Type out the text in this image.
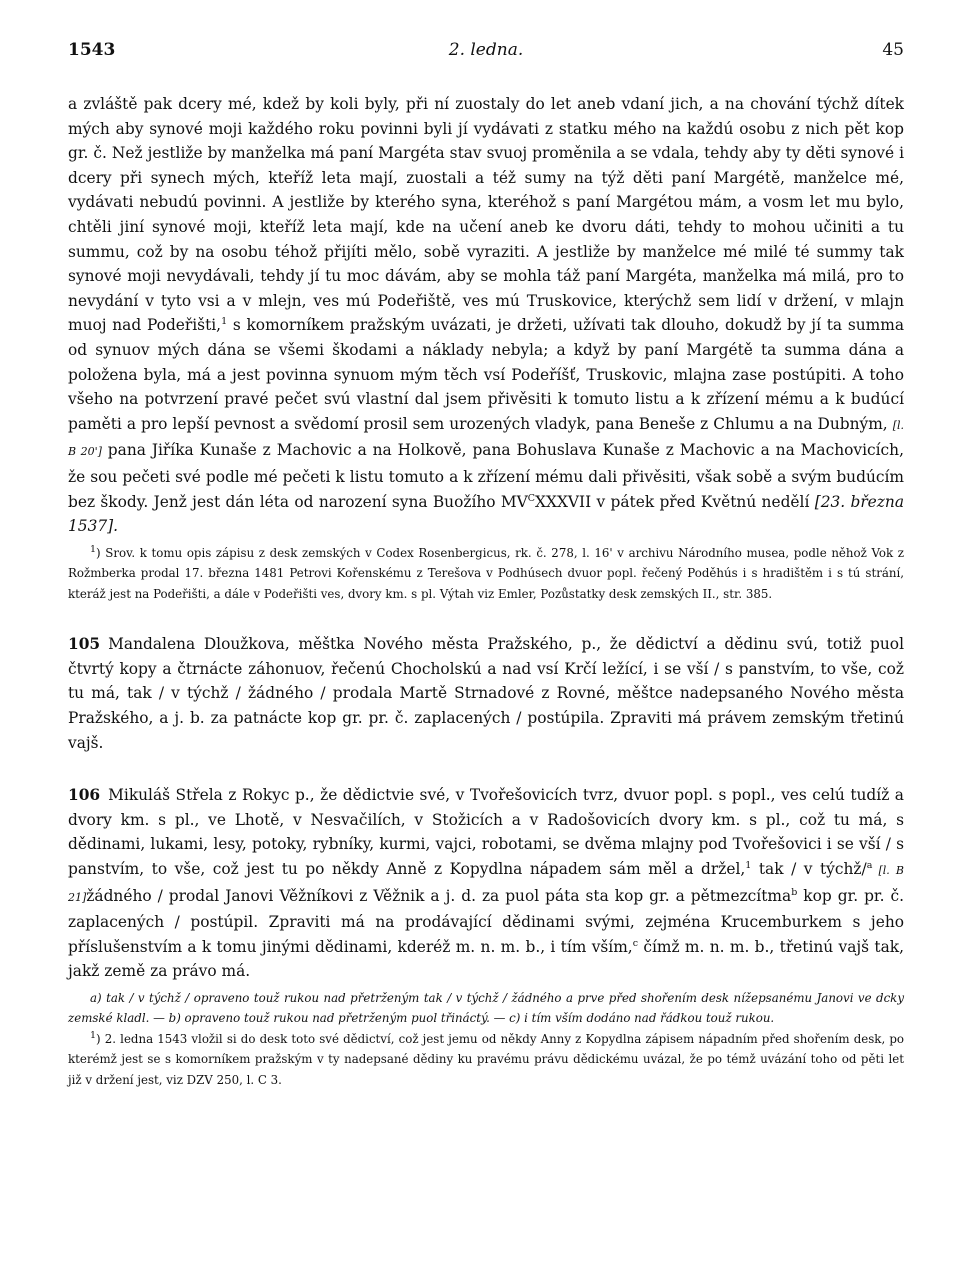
1543	2. ledna.	45

a zvláště pak dcery mé, kdež by koli byly, při ní zuostaly do let aneb vdaní jich, a na chování týchž dítek mých aby synové moji každého roku povinni byli jí vydávati z statku mého na každú osobu z nich pět kop gr. č. Než jestliže by manželka má paní Margéta stav svuoj proměnila a se vdala, tehdy aby ty děti synové i dcery při synech mých, kteříž leta mají, zuostali a též sumy na týž děti paní Margétě, manželce mé, vydávati nebudú povinni. A jestliže by kterého syna, kteréhož s paní Margétou mám, a vosm let mu bylo, chtěli jiní synové moji, kteříž leta mají, kde na učení aneb ke dvoru dáti, tehdy to mohou učiniti a tu summu, což by na osobu téhož přijíti mělo, sobě vyraziti. A jestliže by manželce mé milé té summy tak synové moji nevydávali, tehdy jí tu moc dávám, aby se mohla táž paní Margéta, manželka má milá, pro to nevydání v tyto vsi a v mlejn, ves mú Podeřiště, ves mú Truskovice, kterýchž sem lidí v držení, v mlajn muoj nad Podeřišti,$^1$ s komorníkem pražským uvázati, je držeti, užívati tak dlouho, dokudž by jí ta summa od synuov mých dána se všemi škodami a náklady nebyla; a když by paní Margétě ta summa dána a položena byla, má a jest povinna synuom mým těch vsí Podeříšť, Truskovic, mlajna zase postúpiti. A toho všeho na potvrzení pravé pečet svú vlastní dal jsem přivěsiti k tomuto listu a k zřízení mému a k budúcí paměti a pro lepší pevnost a svědomí prosil sem urozených vladyk, pana Beneše z Chlumu a na Dubným, [l. B 20'] pana Jiříka Kunaše z Machovic a na Holkově, pana Bohuslava Kunaše z Machovic a na Machovicích, že sou pečeti své podle mé pečeti k listu tomuto a k zřízení mému dali přivěsiti, však sobě a svým budúcím bez škody. Jenž jest dán léta od narození syna Buožího $MV^CXXXVII$ v pátek před Květnú nedělí [23. března 1537].

$^1$) Srov. k tomu opis zápisu z desk zemských v Codex Rosenbergicus, rk. č. 278, l. 16' v archivu Národního musea, podle něhož Vok z Rožmberka prodal 17. března 1481 Petrovi Kořenskému z Terešova v Podhúsech dvuor popl. řečený Poděhús i s hradištěm i s tú strání, kteráž jest na Podeřišti, a dále v Podeřišti ves, dvory km. s pl. Výtah viz Emler, Pozůstatky desk zemských II., str. 385.

105 Mandalena Dloužkova, měštka Nového města Pražského, p., že dědictví a dědinu svú, totiž puol čtvrtý kopy a čtrnácte záhonuov, řečenú Chocholskú a nad vsí Krčí ležící, i se vší / s panstvím, to vše, což tu má, tak / v týchž / žádného / prodala Martě Strnadové z Rovné, měštce nadepsaného Nového města Pražského, a j. b. za patnácte kop gr. pr. č. zaplacených / postúpila. Zpraviti má právem zemským třetinú vajš.
106 Mikuláš Střela z Rokyc p., že dědictvie své, v Tvořešovicích tvrz, dvuor popl. s popl., ves celú tudíž a dvory km. s pl., ve Lhotě, v Nesvačilích, v Stožicích a v Radošovicích dvory km. s pl., což tu má, s dědinami, lukami, lesy, potoky, rybníky, kurmi, vajci, robotami, se dvěma mlajny pod Tvořešovici i se vší / s panstvím, to vše, což jest tu po někdy Anně z Kopydlna nápadem sám měl a držel,$^1$ tak / v týchž/$^a$ [l. B 21]žádného / prodal Janovi Věžníkovi z Věžnik a j. d. za puol páta sta kop gr. a pětmezcítma$^b$ kop gr. pr. č. zaplacených / postúpil. Zpraviti má na prodávající dědinami svými, zejména Krucemburkem s jeho příslušenstvím a k tomu jinými dědinami, kderéž m. n. m. b., i tím vším,$^c$ čímž m. n. m. b., třetinú vajš tak, jakž země za právo má.

a) tak / v týchž / opraveno touž rukou nad přetrženým tak / v týchž / žádného a prve před shořením desk nížepsanému Janovi ve dcky zemské kladl. — b) opraveno touž rukou nad přetrženým puol třináctý. — c) i tím vším dodáno nad řádkou touž rukou.

$^1$) 2. ledna 1543 vložil si do desk toto své dědictví, což jest jemu od někdy Anny z Kopydlna zápisem nápadním před shořením desk, po kterémž jest se s komorníkem pražským v ty nadepsané dědiny ku pravému právu dědickému uvázal, že po témž uvázání toho od pěti let již v držení jest, viz DZV 250, l. C 3.
